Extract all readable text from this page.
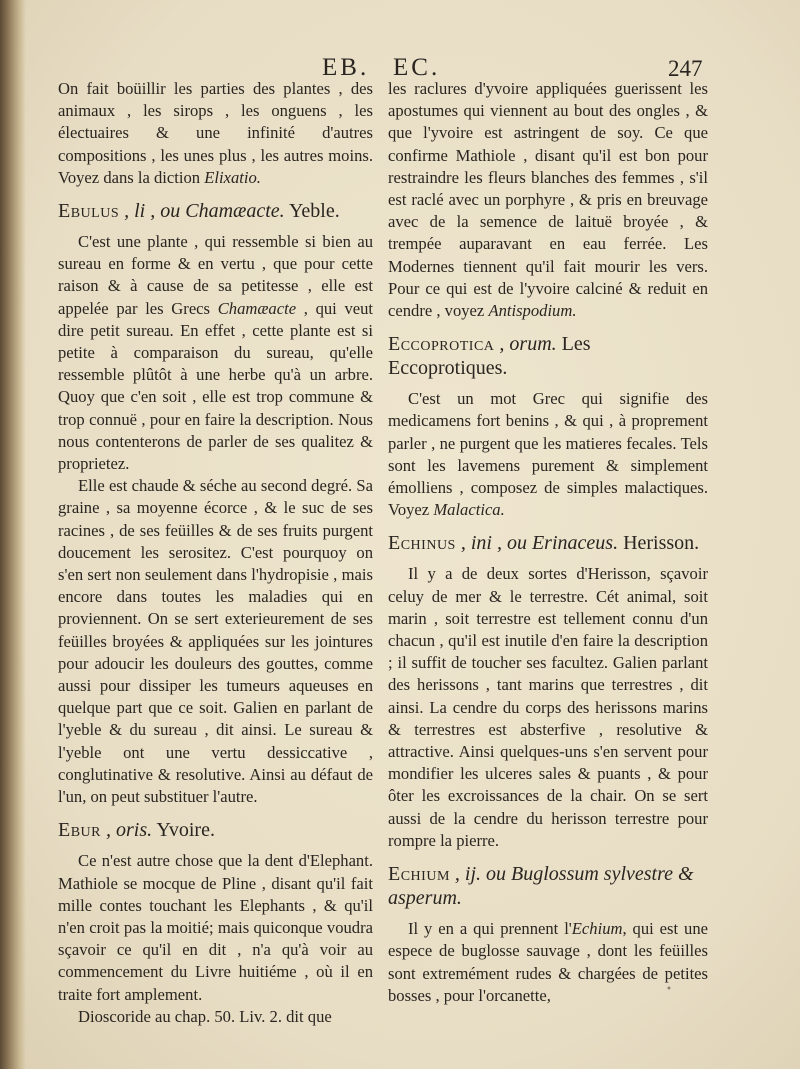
EB. EC.	247

On fait boüillir les parties des plantes , des animaux , les sirops , les onguens , les électuaires & une infinité d'autres compositions , les unes plus , les autres moins. Voyez dans la diction Elixatio.

Ebulus , li , ou Chamæacte. Yeble.

C'est une plante , qui ressemble si bien au sureau en forme & en vertu , que pour cette raison & à cause de sa petitesse , elle est appelée par les Grecs Chamæacte , qui veut dire petit sureau. En effet , cette plante est si petite à comparaison du sureau, qu'elle ressemble plûtôt à une herbe qu'à un arbre. Quoy que c'en soit , elle est trop commune & trop connuë , pour en faire la description. Nous nous contenterons de parler de ses qualitez & proprietez.

Elle est chaude & séche au second degré. Sa graine , sa moyenne écorce , & le suc de ses racines , de ses feüilles & de ses fruits purgent doucement les serositez. C'est pourquoy on s'en sert non seulement dans l'hydropisie , mais encore dans toutes les maladies qui en proviennent. On se sert exterieurement de ses feüilles broyées & appliquées sur les jointures pour adoucir les douleurs des gouttes, comme aussi pour dissiper les tumeurs aqueuses en quelque part que ce soit. Galien en parlant de l'yeble & du sureau , dit ainsi. Le sureau & l'yeble ont une vertu dessiccative , conglutinative & resolutive. Ainsi au défaut de l'un, on peut substituer l'autre.

Ebur , oris. Yvoire.

Ce n'est autre chose que la dent d'Elephant. Mathiole se mocque de Pline , disant qu'il fait mille contes touchant les Elephants , & qu'il n'en croit pas la moitié; mais quiconque voudra sçavoir ce qu'il en dit , n'a qu'à voir au commencement du Livre huitiéme , où il en traite fort amplement.

Dioscoride au chap. 50. Liv. 2. dit que

les raclures d'yvoire appliquées guerissent les apostumes qui viennent au bout des ongles , & que l'yvoire est astringent de soy. Ce que confirme Mathiole , disant qu'il est bon pour restraindre les fleurs blanches des femmes , s'il est raclé avec un porphyre , & pris en breuvage avec de la semence de laituë broyée , & trempée auparavant en eau ferrée. Les Modernes tiennent qu'il fait mourir les vers. Pour ce qui est de l'yvoire calciné & reduit en cendre , voyez Antispodium.

Eccoprotica , orum. Les Eccoprotiques.

C'est un mot Grec qui signifie des medicamens fort benins , & qui , à proprement parler , ne purgent que les matieres fecales. Tels sont les lavemens purement & simplement émolliens , composez de simples malactiques. Voyez Malactica.

Echinus , ini , ou Erinaceus. Herisson.

Il y a de deux sortes d'Herisson, sçavoir celuy de mer & le terrestre. Cét animal, soit marin , soit terrestre est tellement connu d'un chacun , qu'il est inutile d'en faire la description ; il suffit de toucher ses facultez. Galien parlant des herissons , tant marins que terrestres , dit ainsi. La cendre du corps des herissons marins & terrestres est absterfive , resolutive & attractive. Ainsi quelques-uns s'en servent pour mondifier les ulceres sales & puants , & pour ôter les excroissances de la chair. On se sert aussi de la cendre du herisson terrestre pour rompre la pierre.

Echium , ij. ou Buglossum sylvestre & asperum.

Il y en a qui prennent l'Echium, qui est une espece de buglosse sauvage , dont les feüilles sont extremément rudes & chargées de petites bosses , pour l'orcanette,	•
